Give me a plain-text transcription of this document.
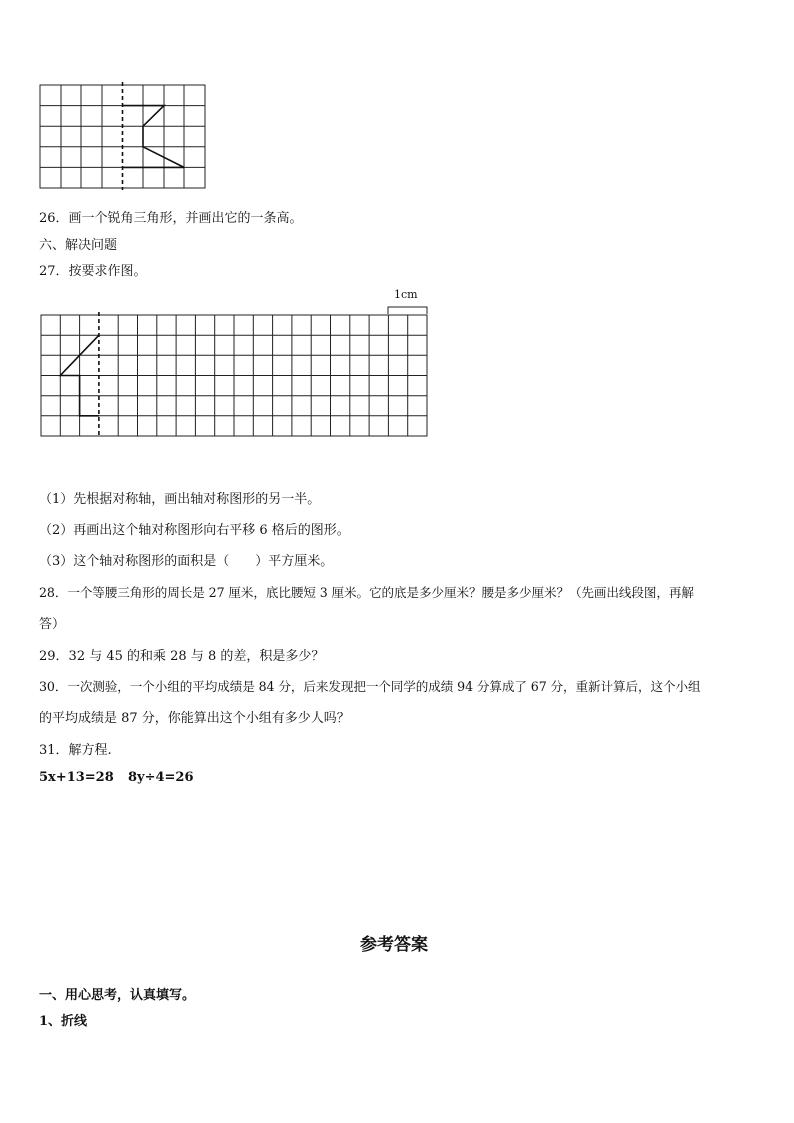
26．画一个锐角三角形，并画出它的一条高。
六、解决问题
27．按要求作图。
1cm
（1）先根据对称轴，画出轴对称图形的另一半。
（2）再画出这个轴对称图形向右平移 6 格后的图形。
（3）这个轴对称图形的面积是（　　）平方厘米。
28．一个等腰三角形的周长是 27 厘米，底比腰短 3 厘米。它的底是多少厘米？腰是多少厘米？（先画出线段图，再解
答）
29．32 与 45 的和乘 28 与 8 的差，积是多少？
30．一次测验，一个小组的平均成绩是 84 分，后来发现把一个同学的成绩 94 分算成了 67 分，重新计算后，这个小组
的平均成绩是 87 分，你能算出这个小组有多少人吗？
31．解方程.
5x+13=28 8y÷4=26
参考答案
一、用心思考，认真填写。
1、折线
